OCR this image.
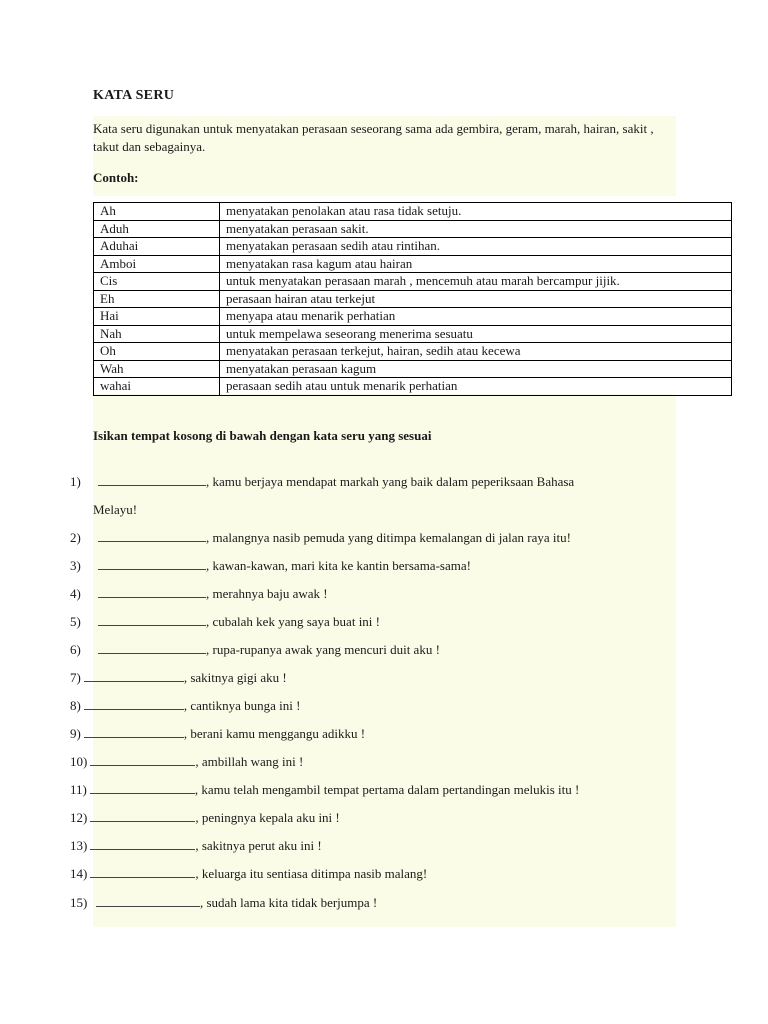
KATA SERU
Kata seru digunakan untuk menyatakan perasaan seseorang sama ada gembira, geram, marah, hairan, sakit , takut dan sebagainya.
Contoh:
Ah	menyatakan penolakan atau rasa tidak setuju.
Aduh	menyatakan perasaan sakit.
Aduhai	menyatakan perasaan sedih atau rintihan.
Amboi	menyatakan rasa kagum atau hairan
Cis	untuk menyatakan perasaan marah , mencemuh atau marah bercampur jijik.
Eh	perasaan hairan atau terkejut
Hai	menyapa atau menarik perhatian
Nah	untuk mempelawa seseorang menerima sesuatu
Oh	menyatakan perasaan terkejut, hairan, sedih atau kecewa
Wah	menyatakan perasaan kagum
wahai	perasaan sedih atau untuk menarik perhatian
Isikan tempat kosong di bawah dengan kata seru yang sesuai
1)	, kamu berjaya mendapat markah yang baik dalam peperiksaan Bahasa
Melayu!
2)	, malangnya nasib pemuda yang ditimpa kemalangan di jalan raya itu!
3)	, kawan-kawan, mari kita ke kantin bersama-sama!
4)	, merahnya baju awak !
5)	, cubalah kek yang saya buat ini !
6)	, rupa-rupanya awak yang mencuri duit aku !
7)	, sakitnya gigi aku !
8)	, cantiknya bunga ini !
9)	, berani kamu menggangu adikku !
10)	, ambillah wang ini !
11)	, kamu telah mengambil tempat pertama dalam pertandingan melukis itu !
12)	, peningnya kepala aku ini !
13)	, sakitnya perut aku ini !
14)	, keluarga itu sentiasa ditimpa nasib malang!
15)	, sudah lama kita tidak berjumpa !
